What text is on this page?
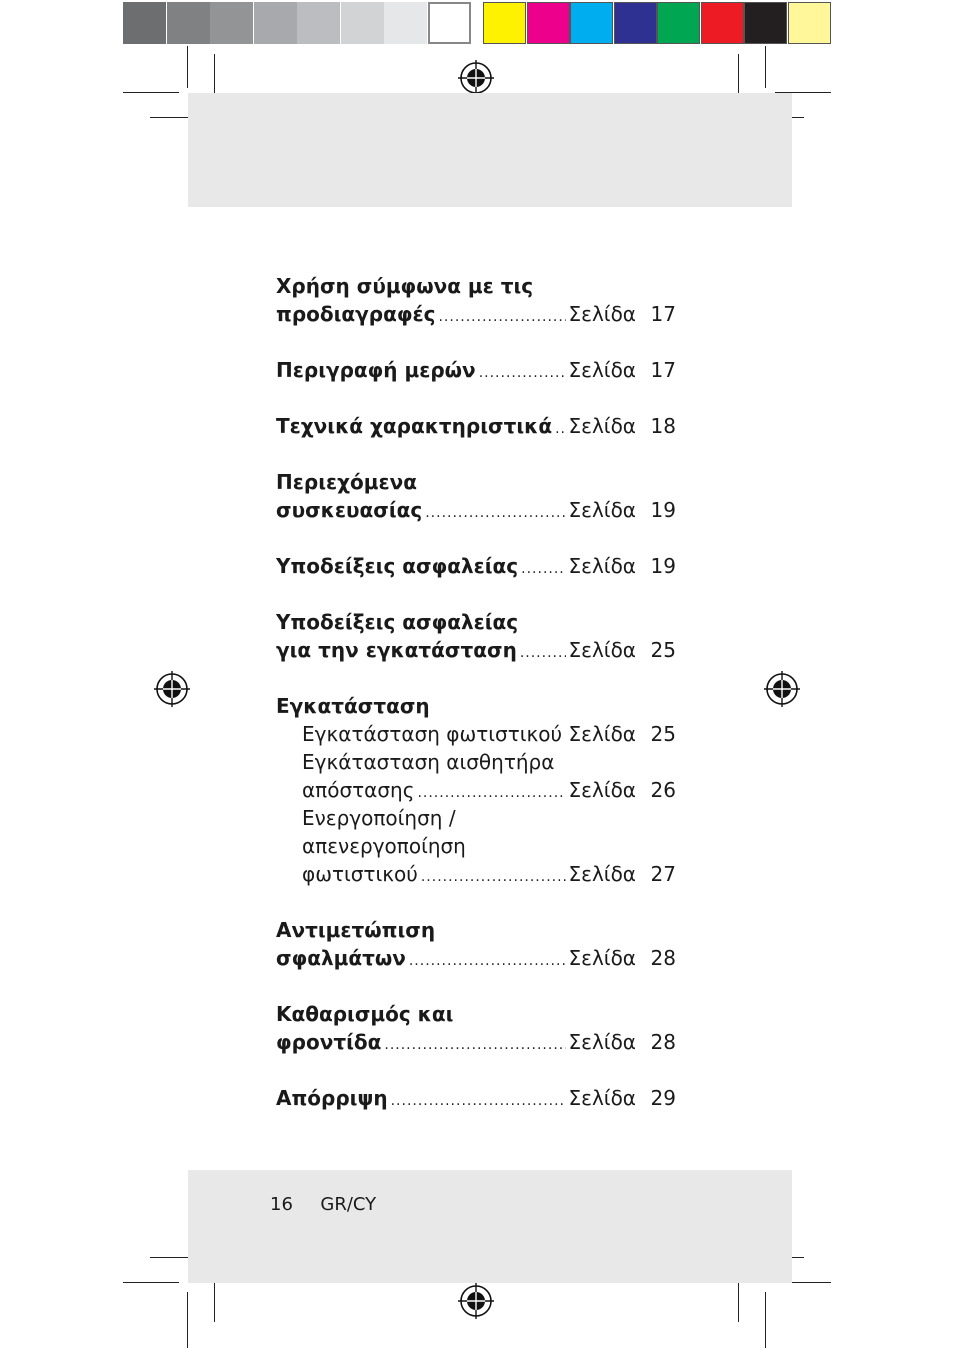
Χρήση σύμφωνα με τις
προδιαγραφές .....	Σελίδα 17
Περιγραφή μερών .....	Σελίδα 17
Τεχνικά χαρακτηριστικά ..... Σελίδα 18
Περιεχόμενα
συσκευασίας .....	Σελίδα 19
Υποδείξεις ασφαλείας .....	Σελίδα 19
Υποδείξεις ασφαλείας
για την εγκατάσταση .....	Σελίδα 25
Εγκατάσταση
Εγκατάσταση φωτιστικού ..... Σελίδα 25
Εγκάτασταση αισθητήρα
απόστασης .....	Σελίδα 26
Ενεργοποίηση /
απενεργοποίηση
φωτιστικού .....	Σελίδα 27
Αντιμετώπιση
σφαλμάτων .....	Σελίδα 28
Καθαρισμός και
φροντίδα .....	Σελίδα 28
Απόρριψη .....	Σελίδα 29
16 GR/CY
